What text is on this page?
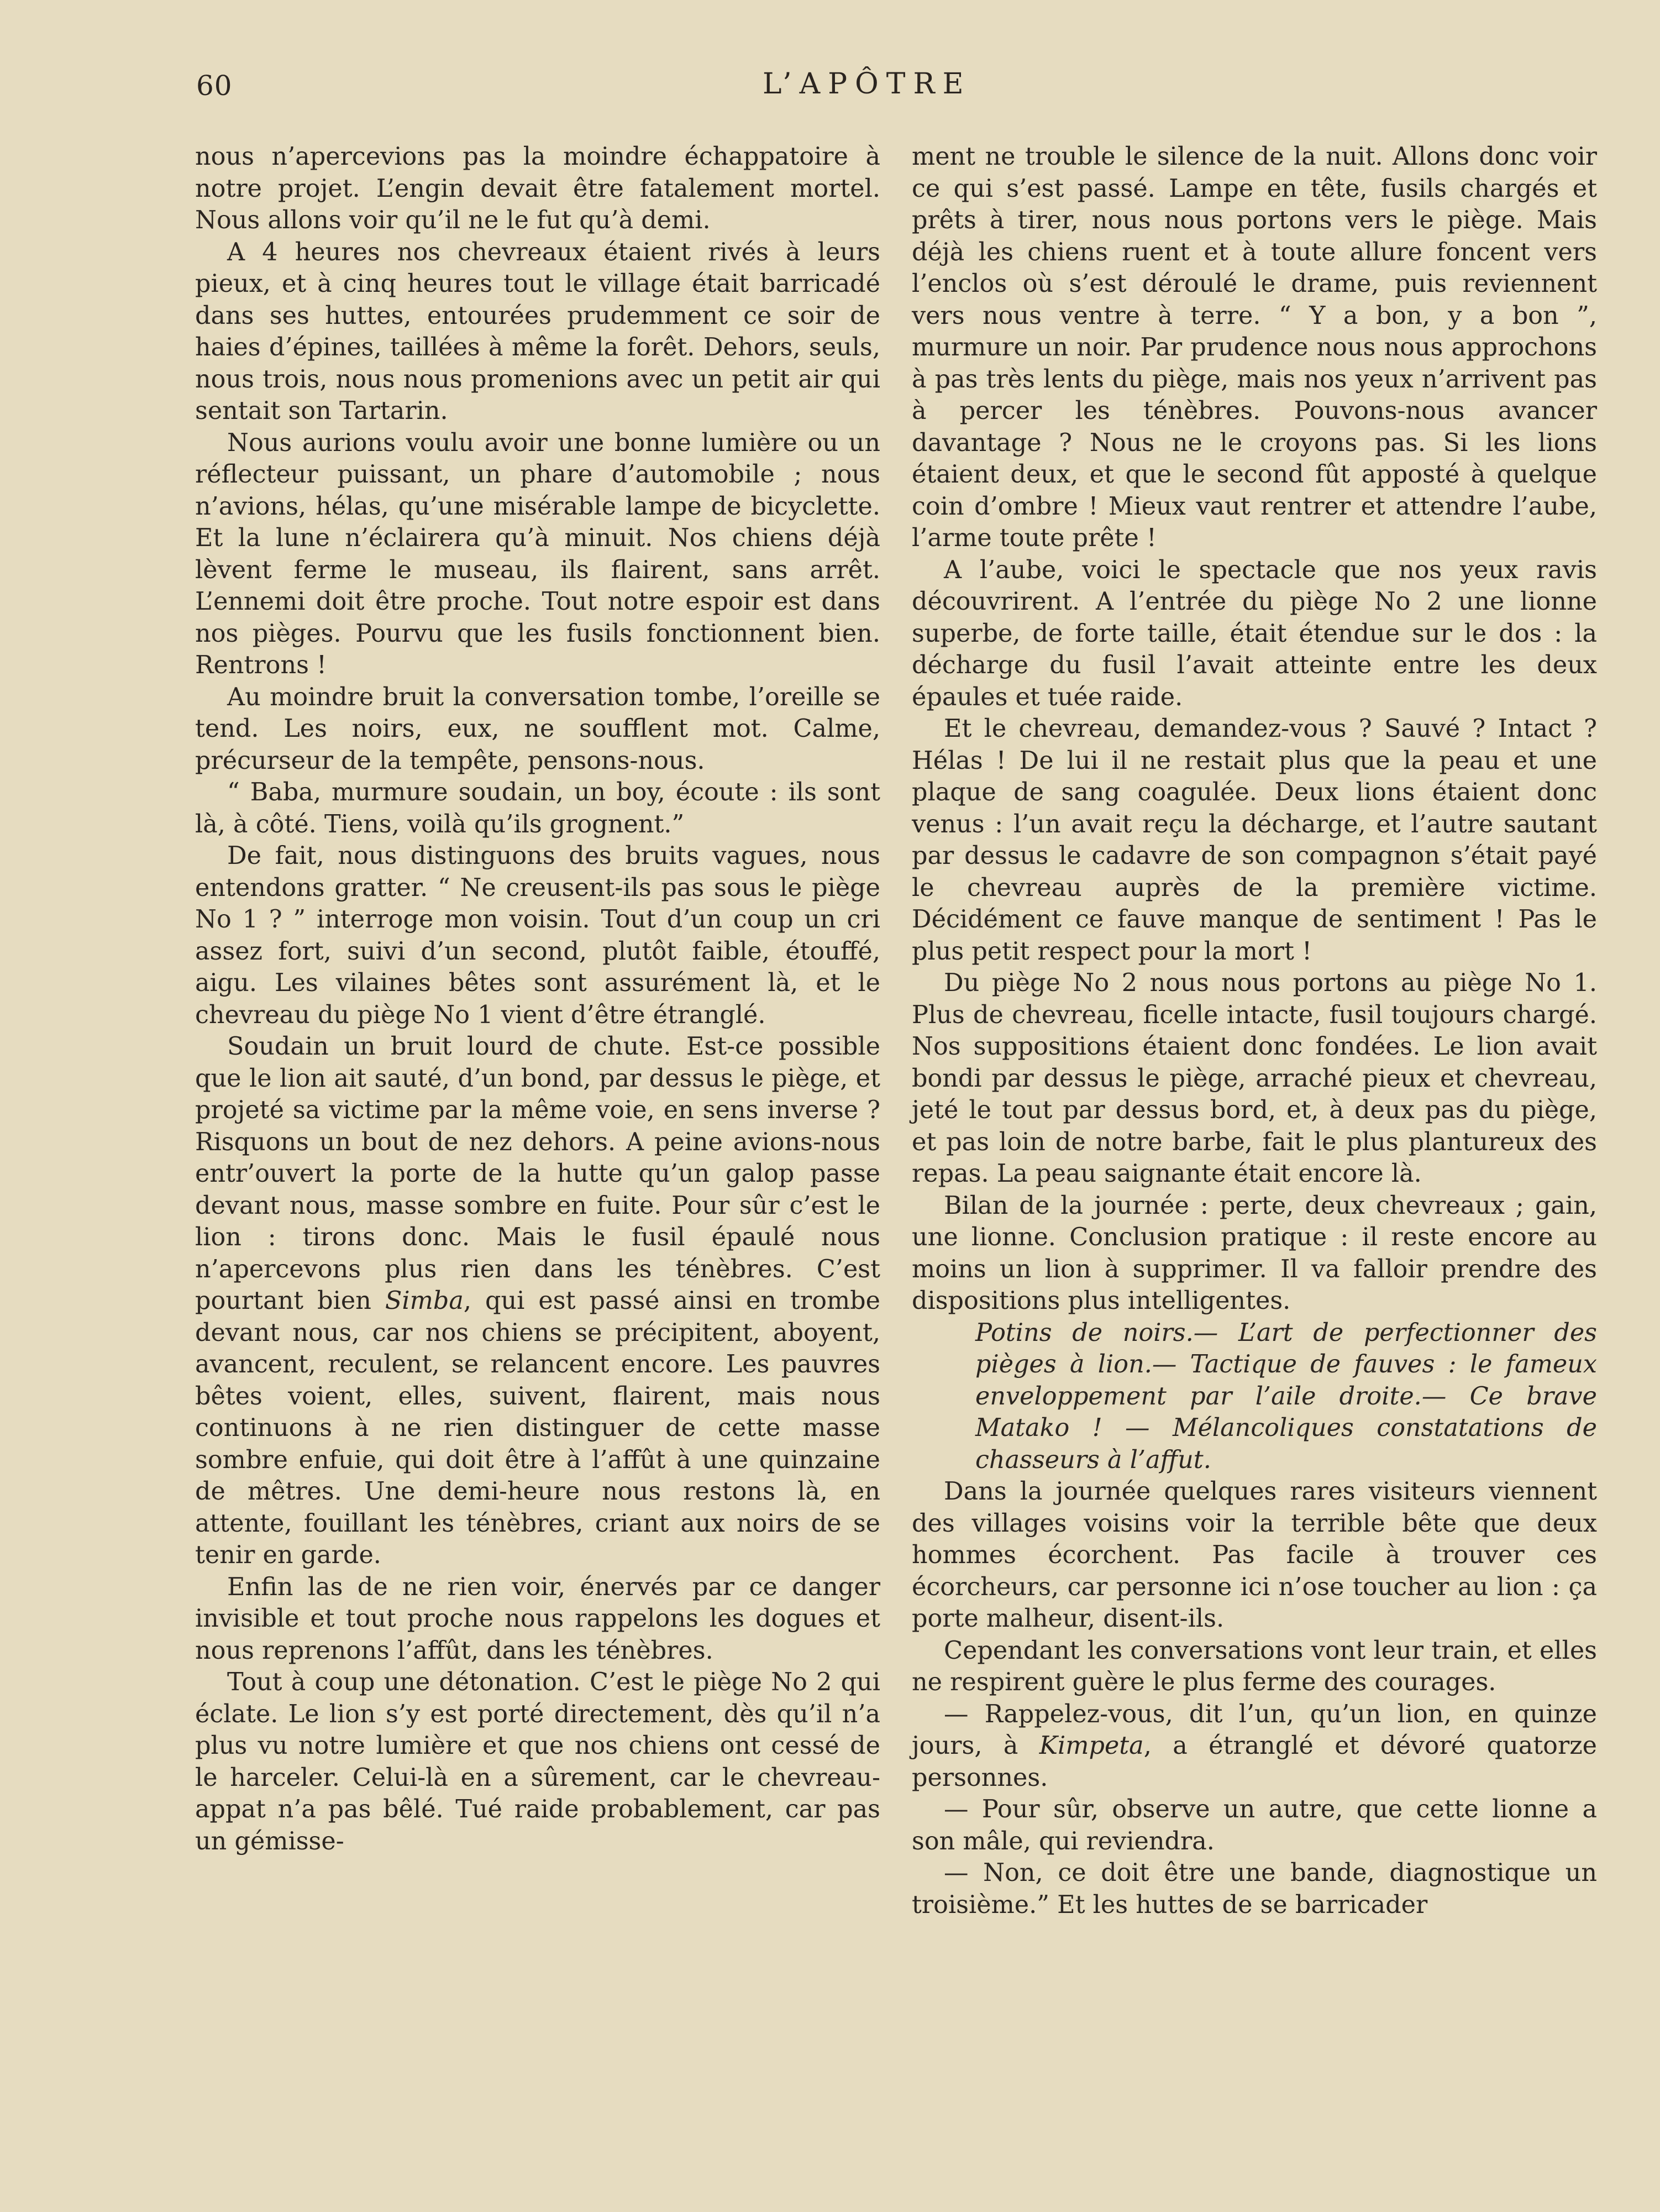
60	L’APÔTRE

nous n’apercevions pas la moindre échappatoire à notre projet. L’engin devait être fatalement mortel. Nous allons voir qu’il ne le fut qu’à demi.

A 4 heures nos chevreaux étaient rivés à leurs pieux, et à cinq heures tout le village était barricadé dans ses huttes, entourées prudemment ce soir de haies d’épines, taillées à même la forêt. Dehors, seuls, nous trois, nous nous promenions avec un petit air qui sentait son Tartarin.

Nous aurions voulu avoir une bonne lumière ou un réflecteur puissant, un phare d’automobile ; nous n’avions, hélas, qu’une misérable lampe de bicyclette. Et la lune n’éclairera qu’à minuit. Nos chiens déjà lèvent ferme le museau, ils flairent, sans arrêt. L’ennemi doit être proche. Tout notre espoir est dans nos pièges. Pourvu que les fusils fonctionnent bien. Rentrons !

Au moindre bruit la conversation tombe, l’oreille se tend. Les noirs, eux, ne soufflent mot. Calme, précurseur de la tempête, pensons-nous.

“ Baba, murmure soudain, un boy, écoute : ils sont là, à côté. Tiens, voilà qu’ils grognent.”

De fait, nous distinguons des bruits vagues, nous entendons gratter. “ Ne creusent-ils pas sous le piège No 1 ? ” interroge mon voisin. Tout d’un coup un cri assez fort, suivi d’un second, plutôt faible, étouffé, aigu. Les vilaines bêtes sont assurément là, et le chevreau du piège No 1 vient d’être étranglé.

Soudain un bruit lourd de chute. Est-ce possible que le lion ait sauté, d’un bond, par dessus le piège, et projeté sa victime par la même voie, en sens inverse ? Risquons un bout de nez dehors. A peine avions-nous entr’ouvert la porte de la hutte qu’un galop passe devant nous, masse sombre en fuite. Pour sûr c’est le lion : tirons donc. Mais le fusil épaulé nous n’apercevons plus rien dans les ténèbres. C’est pourtant bien Simba, qui est passé ainsi en trombe devant nous, car nos chiens se précipitent, aboyent, avancent, reculent, se relancent encore. Les pauvres bêtes voient, elles, suivent, flairent, mais nous continuons à ne rien distinguer de cette masse sombre enfuie, qui doit être à l’affût à une quinzaine de mêtres. Une demi-heure nous restons là, en attente, fouillant les ténèbres, criant aux noirs de se tenir en garde.

Enfin las de ne rien voir, énervés par ce danger invisible et tout proche nous rappelons les dogues et nous reprenons l’affût, dans les ténèbres.

Tout à coup une détonation. C’est le piège No 2 qui éclate. Le lion s’y est porté directement, dès qu’il n’a plus vu notre lumière et que nos chiens ont cessé de le harceler. Celui-là en a sûrement, car le chevreau-appat n’a pas bêlé. Tué raide probablement, car pas un gémisse-

ment ne trouble le silence de la nuit. Allons donc voir ce qui s’est passé. Lampe en tête, fusils chargés et prêts à tirer, nous nous portons vers le piège. Mais déjà les chiens ruent et à toute allure foncent vers l’enclos où s’est déroulé le drame, puis reviennent vers nous ventre à terre. “ Y a bon, y a bon ”, murmure un noir. Par prudence nous nous approchons à pas très lents du piège, mais nos yeux n’arrivent pas à percer les ténèbres. Pouvons-nous avancer davantage ? Nous ne le croyons pas. Si les lions étaient deux, et que le second fût apposté à quelque coin d’ombre ! Mieux vaut rentrer et attendre l’aube, l’arme toute prête !

A l’aube, voici le spectacle que nos yeux ravis découvrirent. A l’entrée du piège No 2 une lionne superbe, de forte taille, était étendue sur le dos : la décharge du fusil l’avait atteinte entre les deux épaules et tuée raide.

Et le chevreau, demandez-vous ? Sauvé ? Intact ? Hélas ! De lui il ne restait plus que la peau et une plaque de sang coagulée. Deux lions étaient donc venus : l’un avait reçu la décharge, et l’autre sautant par dessus le cadavre de son compagnon s’était payé le chevreau auprès de la première victime. Décidément ce fauve manque de sentiment ! Pas le plus petit respect pour la mort !

Du piège No 2 nous nous portons au piège No 1. Plus de chevreau, ficelle intacte, fusil toujours chargé. Nos suppositions étaient donc fondées. Le lion avait bondi par dessus le piège, arraché pieux et chevreau, jeté le tout par dessus bord, et, à deux pas du piège, et pas loin de notre barbe, fait le plus plantureux des repas. La peau saignante était encore là.

Bilan de la journée : perte, deux chevreaux ; gain, une lionne. Conclusion pratique : il reste encore au moins un lion à supprimer. Il va falloir prendre des dispositions plus intelligentes.

Potins de noirs.— L’art de perfectionner des pièges à lion.— Tactique de fauves : le fameux enveloppement par l’aile droite.— Ce brave Matako ! — Mélancoliques constatations de chasseurs à l’affut.

Dans la journée quelques rares visiteurs viennent des villages voisins voir la terrible bête que deux hommes écorchent. Pas facile à trouver ces écorcheurs, car personne ici n’ose toucher au lion : ça porte malheur, disent-ils.

Cependant les conversations vont leur train, et elles ne respirent guère le plus ferme des courages.

— Rappelez-vous, dit l’un, qu’un lion, en quinze jours, à Kimpeta, a étranglé et dévoré quatorze personnes.

— Pour sûr, observe un autre, que cette lionne a son mâle, qui reviendra.

— Non, ce doit être une bande, diagnostique un troisième.” Et les huttes de se barricader
